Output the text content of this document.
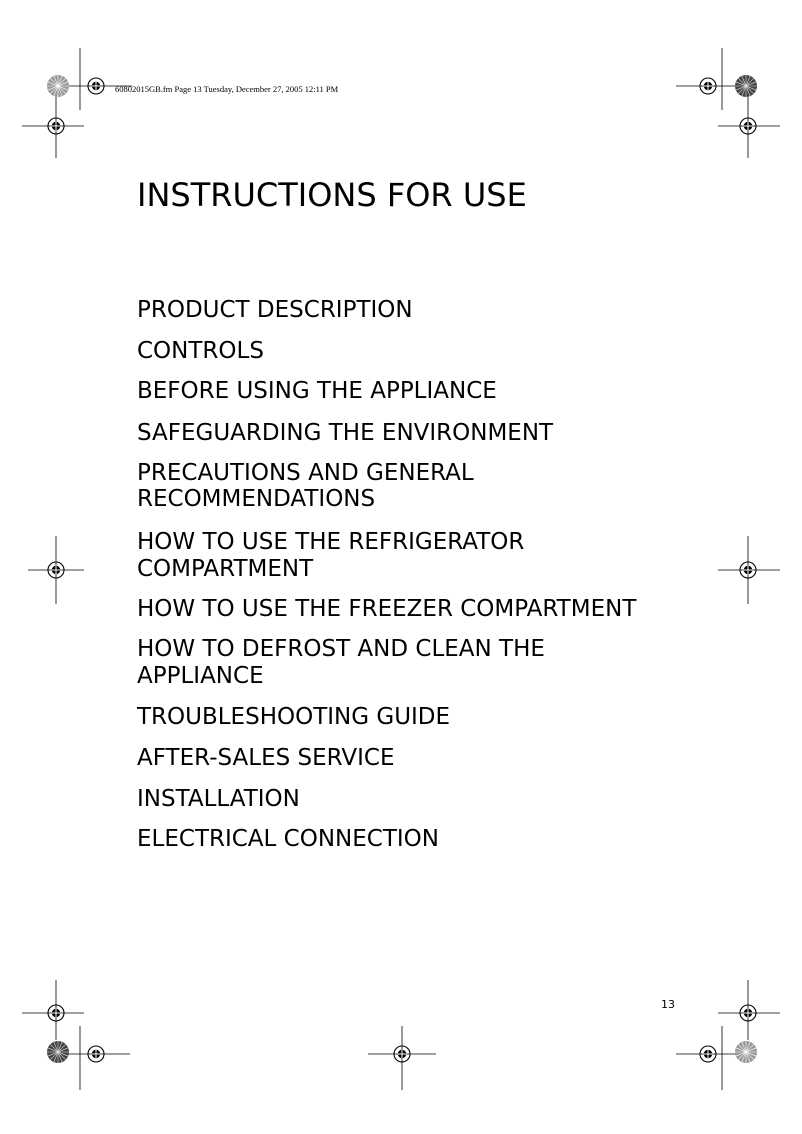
60802015GB.fm Page 13 Tuesday, December 27, 2005 12:11 PM
INSTRUCTIONS FOR USE
PRODUCT DESCRIPTION
CONTROLS
BEFORE USING THE APPLIANCE
SAFEGUARDING THE ENVIRONMENT
PRECAUTIONS AND GENERAL
RECOMMENDATIONS
HOW TO USE THE REFRIGERATOR
COMPARTMENT
HOW TO USE THE FREEZER COMPARTMENT
HOW TO DEFROST AND CLEAN THE
APPLIANCE
TROUBLESHOOTING GUIDE
AFTER-SALES SERVICE
INSTALLATION
ELECTRICAL CONNECTION
13
